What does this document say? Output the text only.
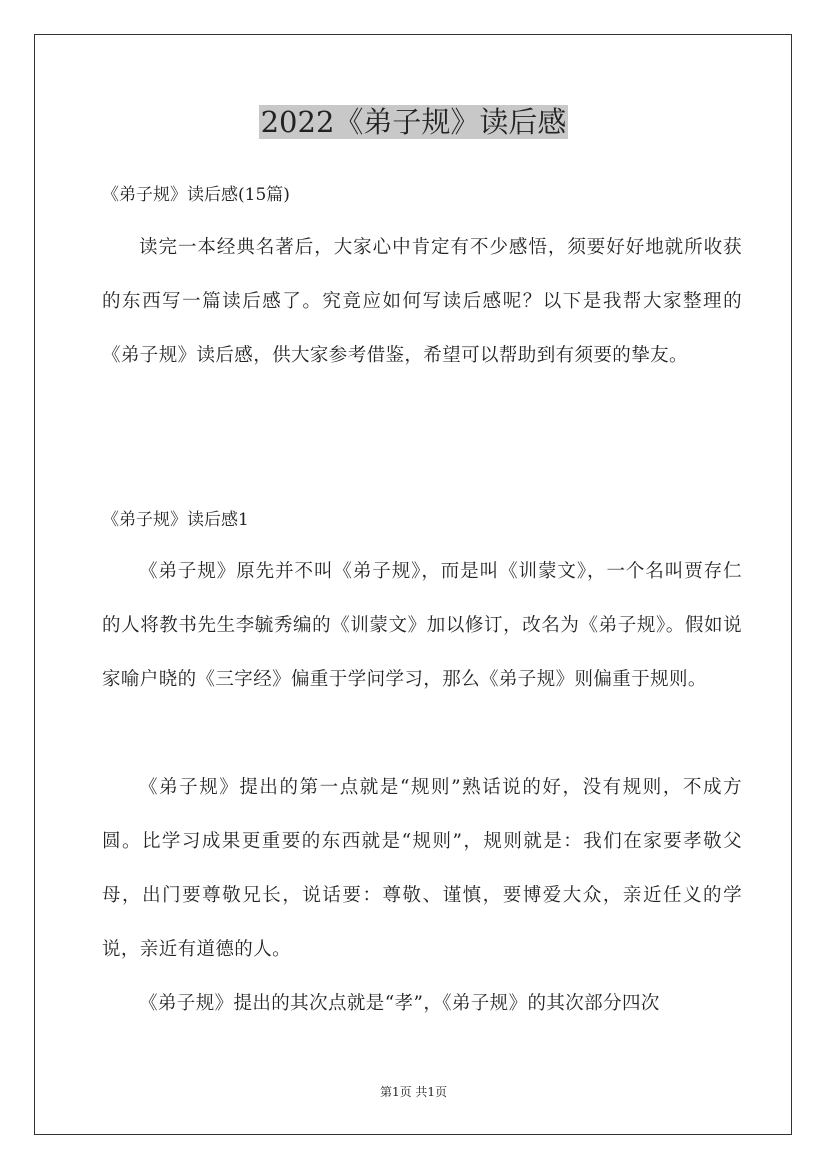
2022《弟子规》读后感

《弟子规》读后感(15篇)

读完一本经典名著后，大家心中肯定有不少感悟，须要好好地就所收获的东西写一篇读后感了。究竟应如何写读后感呢？以下是我帮大家整理的《弟子规》读后感，供大家参考借鉴，希望可以帮助到有须要的挚友。

《弟子规》读后感1

《弟子规》原先并不叫《弟子规》，而是叫《训蒙文》，一个名叫贾存仁的人将教书先生李毓秀编的《训蒙文》加以修订，改名为《弟子规》。假如说家喻户晓的《三字经》偏重于学问学习，那么《弟子规》则偏重于规则。

《弟子规》提出的第一点就是“规则”熟话说的好，没有规则，不成方圆。比学习成果更重要的东西就是“规则”，规则就是：我们在家要孝敬父母，出门要尊敬兄长，说话要：尊敬、谨慎，要博爱大众，亲近任义的学说，亲近有道德的人。

《弟子规》提出的其次点就是“孝”，《弟子规》的其次部分四次

第1页 共1页
